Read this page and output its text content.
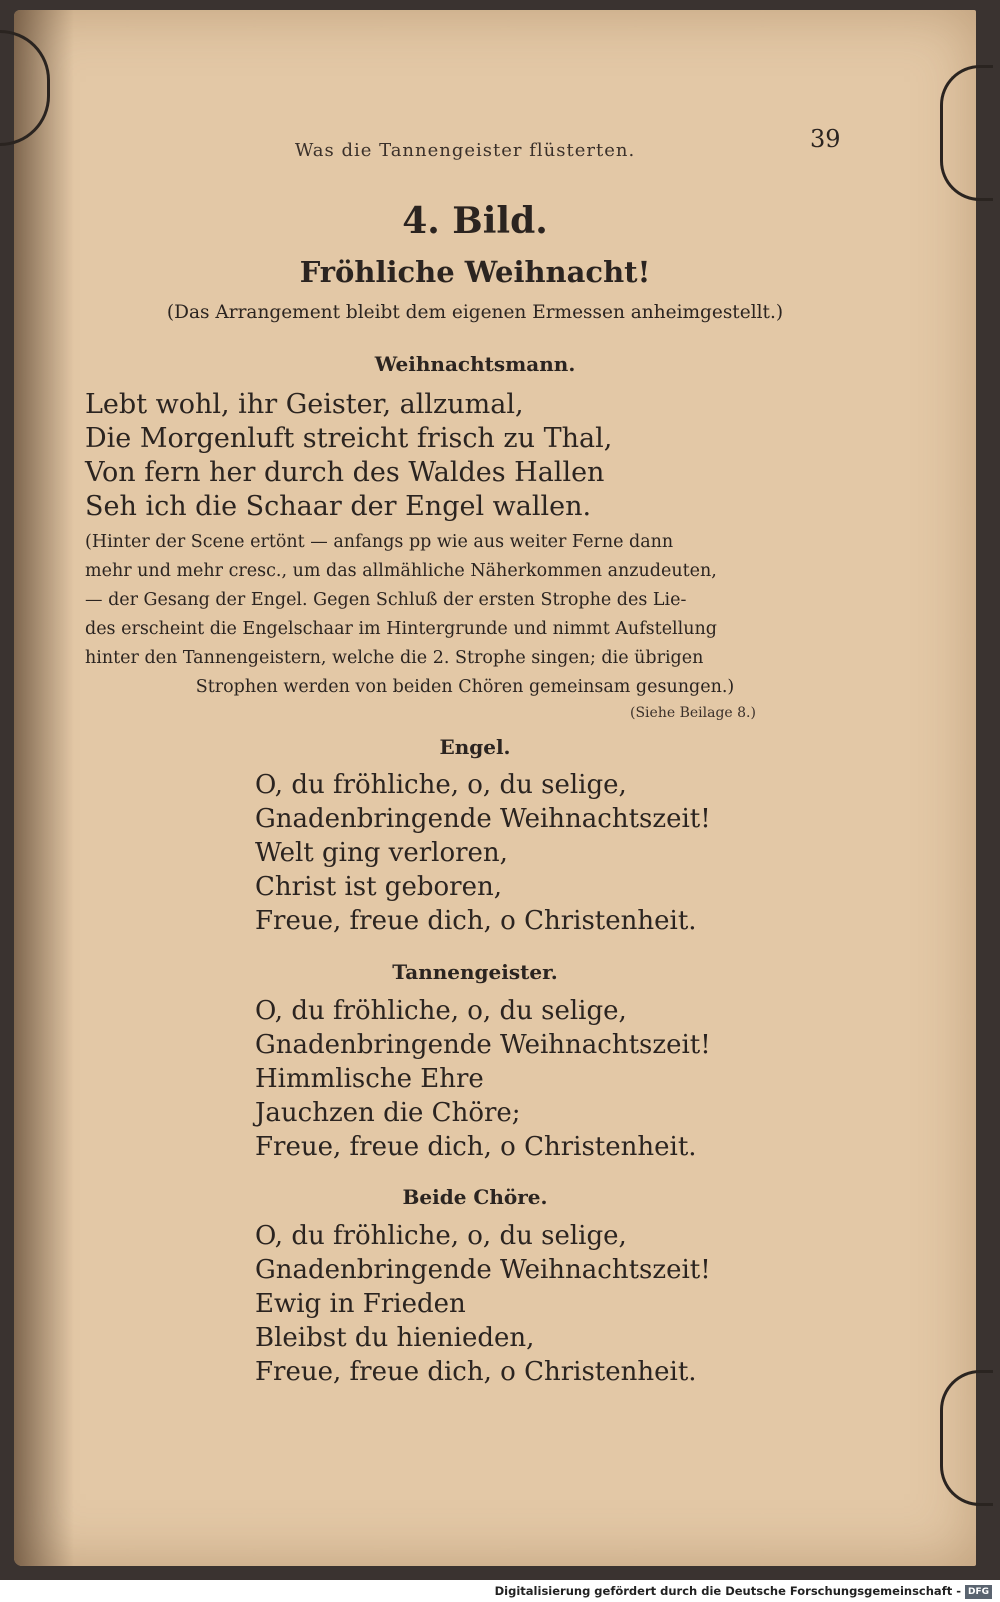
Was die Tannengeister flüsterten.	39
4. Bild.
Fröhliche Weihnacht!
(Das Arrangement bleibt dem eigenen Ermessen anheimgestellt.)
Weihnachtsmann.
Lebt wohl, ihr Geister, allzumal,
Die Morgenluft streicht frisch zu Thal,
Von fern her durch des Waldes Hallen
Seh ich die Schaar der Engel wallen.
(Hinter der Scene ertönt — anfangs pp wie aus weiter Ferne dann
mehr und mehr cresc., um das allmähliche Näherkommen anzudeuten,
— der Gesang der Engel. Gegen Schluß der ersten Strophe des Lie-
des erscheint die Engelschaar im Hintergrunde und nimmt Aufstellung
hinter den Tannengeistern, welche die 2. Strophe singen; die übrigen
Strophen werden von beiden Chören gemeinsam gesungen.)
(Siehe Beilage 8.)
Engel.
O, du fröhliche, o, du selige,
Gnadenbringende Weihnachtszeit!
Welt ging verloren,
Christ ist geboren,
Freue, freue dich, o Christenheit.
Tannengeister.
O, du fröhliche, o, du selige,
Gnadenbringende Weihnachtszeit!
Himmlische Ehre
Jauchzen die Chöre;
Freue, freue dich, o Christenheit.
Beide Chöre.
O, du fröhliche, o, du selige,
Gnadenbringende Weihnachtszeit!
Ewig in Frieden
Bleibst du hienieden,
Freue, freue dich, o Christenheit.
Digitalisierung gefördert durch die Deutsche Forschungsgemeinschaft - DFG
